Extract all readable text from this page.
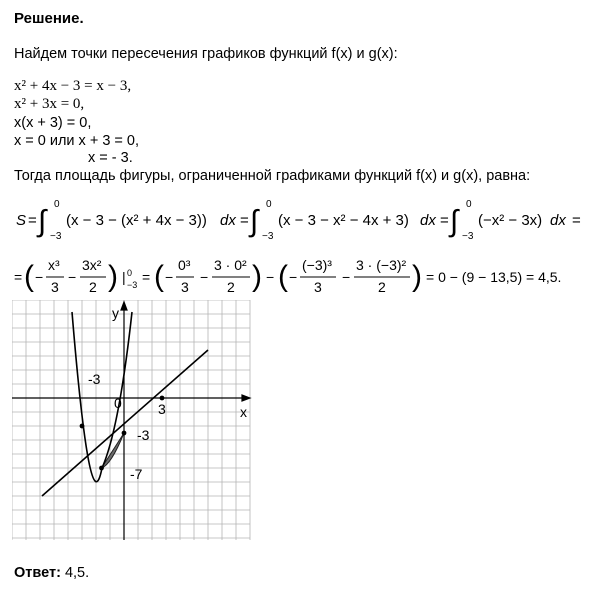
Решение.
Найдем точки пересечения графиков функций f(x) и g(x):
x² + 4x − 3 = x − 3,
x² + 3x = 0,
x(x + 3) = 0,
x = 0 или x + 3 = 0,
x = - 3.
Тогда площадь фигуры, ограниченной графиками функций f(x) и g(x), равна:
S = ∫
0
−3
(x − 3 − (x² + 4x − 3)) dx = ∫
0
−3
(x − 3 − x² − 4x + 3) dx = ∫
0
−3
(−x² − 3x) dx =
= ( −
x³
3
−
3x²
2 ) | 0
−3 = ( −
0³
3
−
3 · 0²
2 ) − ( −
(−3)³
3
−
3 · (−3)²
2 ) = 0 − (9 − 13,5) = 4,5.
y
x
0	3
-3
-3
-7
Ответ: 4,5.
